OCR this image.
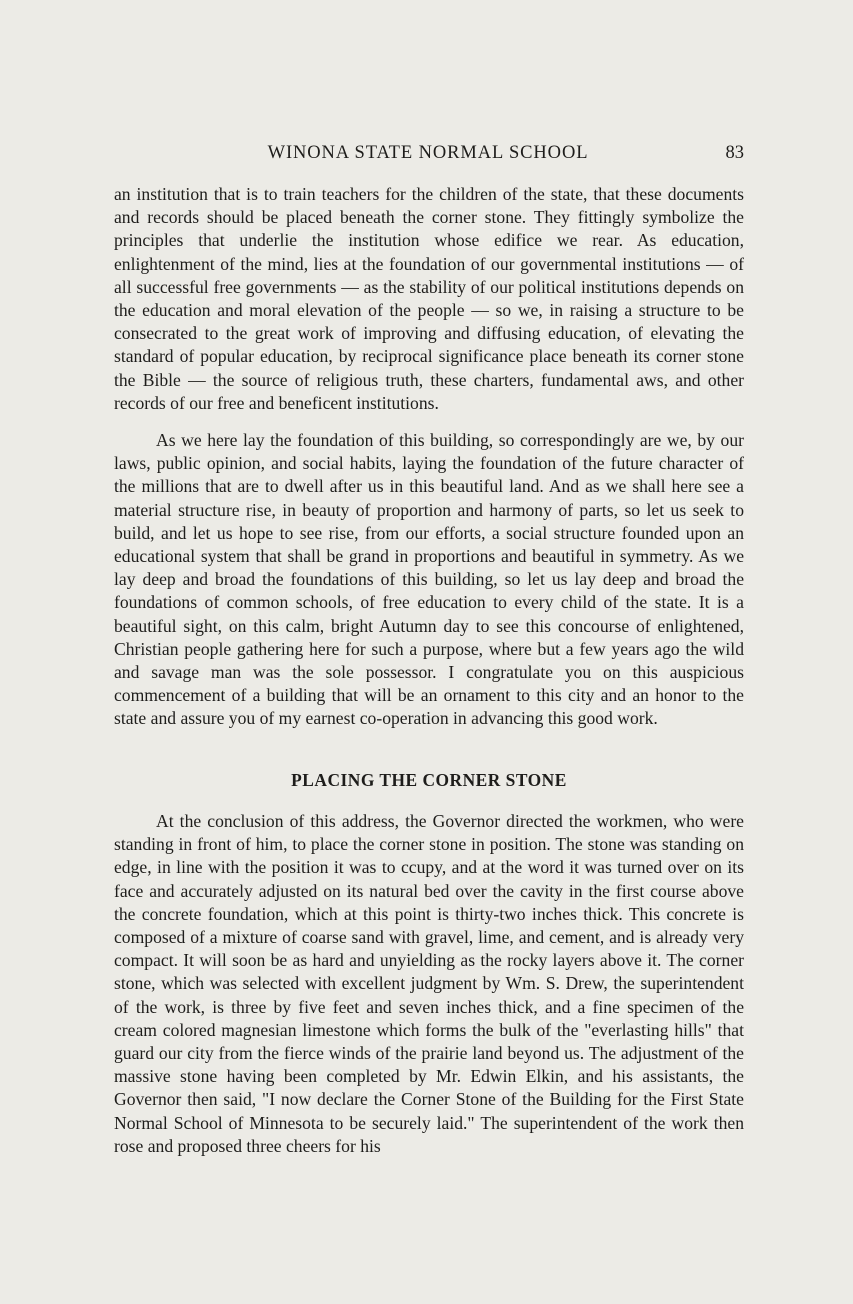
WINONA STATE NORMAL SCHOOL	83

an institution that is to train teachers for the children of the state, that these documents and records should be placed beneath the corner stone. They fittingly symbolize the principles that underlie the institution whose edifice we rear. As education, enlightenment of the mind, lies at the foundation of our governmental institutions — of all successful free governments — as the stability of our political institutions depends on the education and moral elevation of the people — so we, in raising a structure to be consecrated to the great work of improving and diffusing education, of elevating the standard of popular education, by reciprocal significance place beneath its corner stone the Bible — the source of religious truth, these charters, fundamental aws, and other records of our free and beneficent institutions.

As we here lay the foundation of this building, so correspondingly are we, by our laws, public opinion, and social habits, laying the foundation of the future character of the millions that are to dwell after us in this beautiful land. And as we shall here see a material structure rise, in beauty of proportion and harmony of parts, so let us seek to build, and let us hope to see rise, from our efforts, a social structure founded upon an educational system that shall be grand in proportions and beautiful in symmetry. As we lay deep and broad the foundations of this building, so let us lay deep and broad the foundations of common schools, of free education to every child of the state. It is a beautiful sight, on this calm, bright Autumn day to see this concourse of enlightened, Christian people gathering here for such a purpose, where but a few years ago the wild and savage man was the sole possessor. I congratulate you on this auspicious commencement of a building that will be an ornament to this city and an honor to the state and assure you of my earnest co-operation in advancing this good work.

PLACING THE CORNER STONE

At the conclusion of this address, the Governor directed the workmen, who were standing in front of him, to place the corner stone in position. The stone was standing on edge, in line with the position it was to ccupy, and at the word it was turned over on its face and accurately adjusted on its natural bed over the cavity in the first course above the concrete foundation, which at this point is thirty-two inches thick. This concrete is composed of a mixture of coarse sand with gravel, lime, and cement, and is already very compact. It will soon be as hard and unyielding as the rocky layers above it. The corner stone, which was selected with excellent judgment by Wm. S. Drew, the superintendent of the work, is three by five feet and seven inches thick, and a fine specimen of the cream colored magnesian limestone which forms the bulk of the "everlasting hills" that guard our city from the fierce winds of the prairie land beyond us. The adjustment of the massive stone having been completed by Mr. Edwin Elkin, and his assistants, the Governor then said, "I now declare the Corner Stone of the Building for the First State Normal School of Minnesota to be securely laid." The superintendent of the work then rose and proposed three cheers for his
